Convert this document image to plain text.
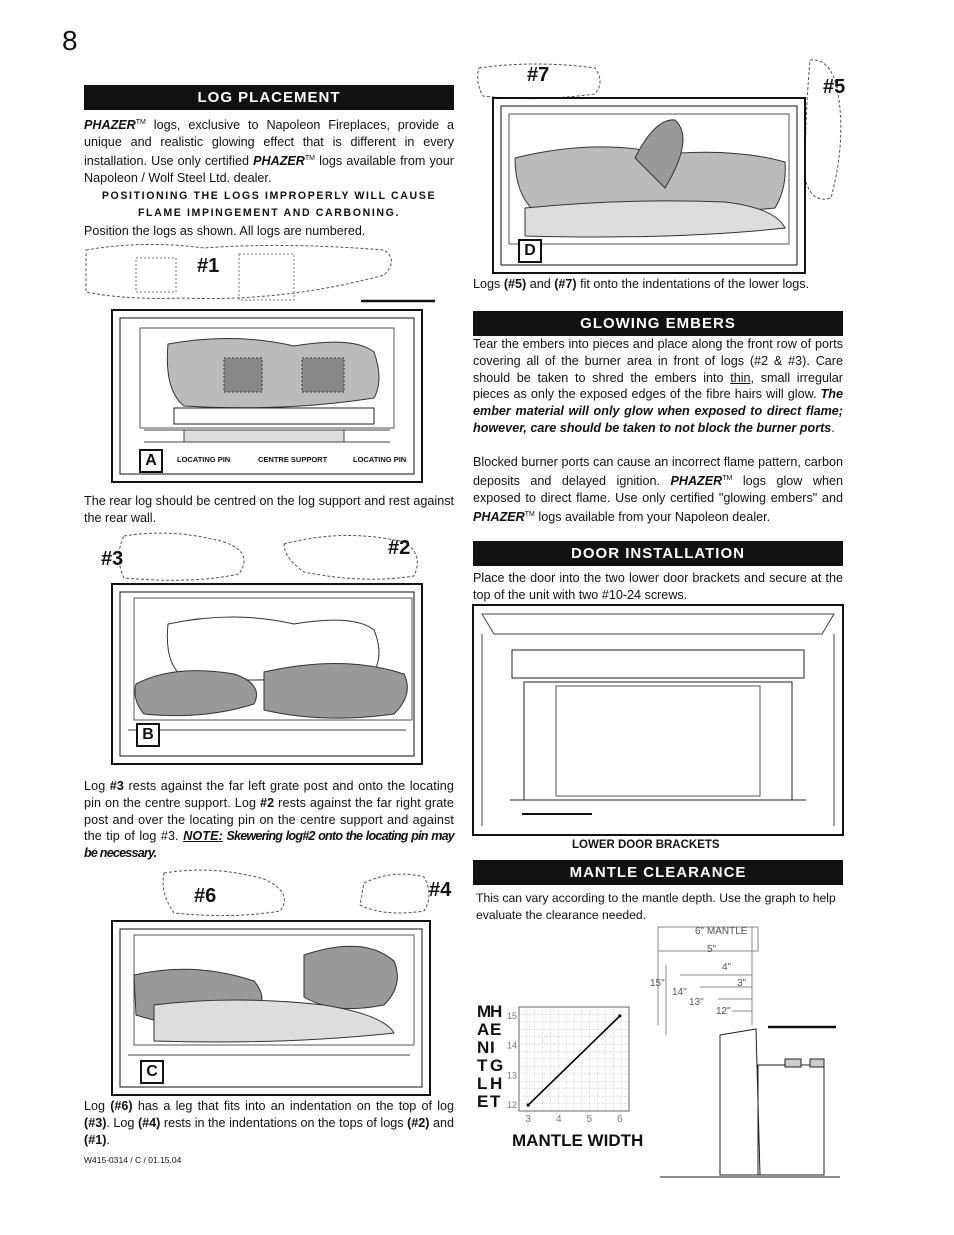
8
LOG PLACEMENT
PHAZER™ logs, exclusive to Napoleon Fireplaces, provide a unique and realistic glowing effect that is different in every installation. Use only certified PHAZER™ logs available from your Napoleon / Wolf Steel Ltd. dealer.
POSITIONING THE LOGS IMPROPERLY WILL CAUSE FLAME IMPINGEMENT AND CARBONING.
Position the logs as shown. All logs are numbered.
A
#1
LOCATING PIN	CENTRE SUPPORT	LOCATING PIN
The rear log should be centred on the log support and rest against the rear wall.
#3	#2
B
Log #3 rests against the far left grate post and onto the locating pin on the centre support. Log #2 rests against the far right grate post and over the locating pin on the centre support and against the tip of log #3. NOTE: Skewering log#2 onto the locating pin may be necessary.
#6	#4
C
Log (#6) has a leg that fits into an indentation on the top of log (#3). Log (#4) rests in the indentations on the tops of logs (#2) and (#1).
W415-0314 / C / 01.15.04
#7
#5
D
Logs (#5) and (#7) fit onto the indentations of the lower logs.
GLOWING EMBERS
Tear the embers into pieces and place along the front row of ports covering all of the burner area in front of logs (#2 & #3). Care should be taken to shred the embers into thin, small irregular pieces as only the exposed edges of the fibre hairs will glow. The ember material will only glow when exposed to direct flame; however, care should be taken to not block the burner ports.
Blocked burner ports can cause an incorrect flame pattern, carbon deposits and delayed ignition. PHAZER™ logs glow when exposed to direct flame. Use only certified "glowing embers" and PHAZER™ logs available from your Napoleon dealer.
DOOR INSTALLATION
Place the door into the two lower door brackets and secure at the top of the unit with two #10-24 screws.
LOWER DOOR BRACKETS
MANTLE CLEARANCE
This can vary according to the mantle depth. Use the graph to help evaluate the clearance needed.
M
A
N
T
L
E
H
E
I
G
H
T 12
13
14
15
3 4 5 6
MANTLE WIDTH
6" MANTLE
5"
4"
3"
15"
14"
13"
12"
